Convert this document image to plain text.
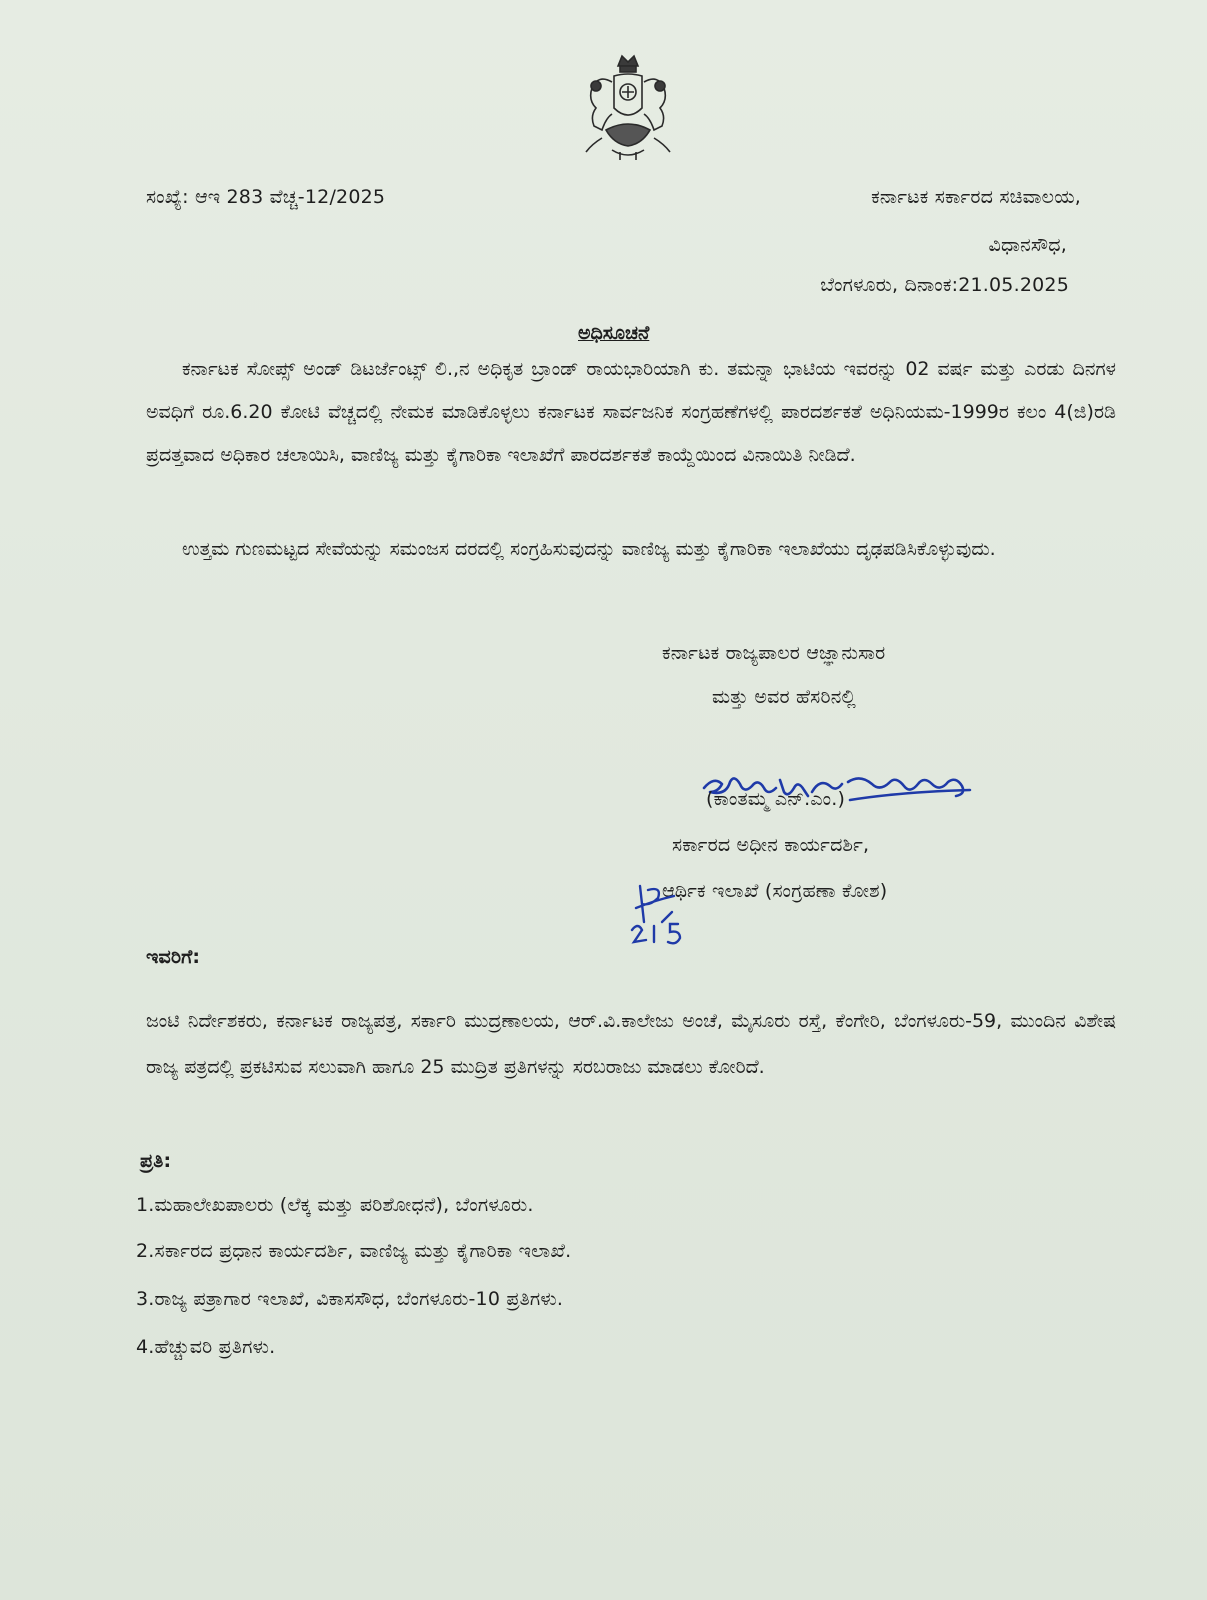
ಸಂಖ್ಯೆ: ಆಇ 283 ವೆಚ್ಚ-12/2025	ಕರ್ನಾಟಕ ಸರ್ಕಾರದ ಸಚಿವಾಲಯ,
ವಿಧಾನಸೌಧ,
ಬೆಂಗಳೂರು, ದಿನಾಂಕ:21.05.2025
ಅಧಿಸೂಚನೆ
ಕರ್ನಾಟಕ ಸೋಪ್ಸ್ ಅಂಡ್ ಡಿಟರ್ಜೆಂಟ್ಸ್ ಲಿ.,ನ ಅಧಿಕೃತ ಬ್ರಾಂಡ್ ರಾಯಭಾರಿಯಾಗಿ ಕು. ತಮನ್ನಾ ಭಾಟಿಯ ಇವರನ್ನು 02 ವರ್ಷ ಮತ್ತು ಎರಡು ದಿನಗಳ ಅವಧಿಗೆ ರೂ.6.20 ಕೋಟಿ ವೆಚ್ಚದಲ್ಲಿ ನೇಮಕ ಮಾಡಿಕೊಳ್ಳಲು ಕರ್ನಾಟಕ ಸಾರ್ವಜನಿಕ ಸಂಗ್ರಹಣೆಗಳಲ್ಲಿ ಪಾರದರ್ಶಕತೆ ಅಧಿನಿಯಮ-1999ರ ಕಲಂ 4(ಜಿ)ರಡಿ ಪ್ರದತ್ತವಾದ ಅಧಿಕಾರ ಚಲಾಯಿಸಿ, ವಾಣಿಜ್ಯ ಮತ್ತು ಕೈಗಾರಿಕಾ ಇಲಾಖೆಗೆ ಪಾರದರ್ಶಕತೆ ಕಾಯ್ದೆಯಿಂದ ವಿನಾಯಿತಿ ನೀಡಿದೆ.
ಉತ್ತಮ ಗುಣಮಟ್ಟದ ಸೇವೆಯನ್ನು ಸಮಂಜಸ ದರದಲ್ಲಿ ಸಂಗ್ರಹಿಸುವುದನ್ನು ವಾಣಿಜ್ಯ ಮತ್ತು ಕೈಗಾರಿಕಾ ಇಲಾಖೆಯು ದೃಢಪಡಿಸಿಕೊಳ್ಳುವುದು.
ಕರ್ನಾಟಕ ರಾಜ್ಯಪಾಲರ ಆಜ್ಞಾನುಸಾರ
ಮತ್ತು ಅವರ ಹೆಸರಿನಲ್ಲಿ
(ಕಾಂತಮ್ಮ ಎನ್.ಎಂ.)
ಸರ್ಕಾರದ ಅಧೀನ ಕಾರ್ಯದರ್ಶಿ,
ಆರ್ಥಿಕ ಇಲಾಖೆ (ಸಂಗ್ರಹಣಾ ಕೋಶ)
ಇವರಿಗೆ:
ಜಂಟಿ ನಿರ್ದೇಶಕರು, ಕರ್ನಾಟಕ ರಾಜ್ಯಪತ್ರ, ಸರ್ಕಾರಿ ಮುದ್ರಣಾಲಯ, ಆರ್.ವಿ.ಕಾಲೇಜು ಅಂಚೆ, ಮೈಸೂರು ರಸ್ತೆ, ಕೆಂಗೇರಿ, ಬೆಂಗಳೂರು-59, ಮುಂದಿನ ವಿಶೇಷ ರಾಜ್ಯ ಪತ್ರದಲ್ಲಿ ಪ್ರಕಟಿಸುವ ಸಲುವಾಗಿ ಹಾಗೂ 25 ಮುದ್ರಿತ ಪ್ರತಿಗಳನ್ನು ಸರಬರಾಜು ಮಾಡಲು ಕೋರಿದೆ.
ಪ್ರತಿ:
1.ಮಹಾಲೇಖಪಾಲರು (ಲೆಕ್ಕ ಮತ್ತು ಪರಿಶೋಧನೆ), ಬೆಂಗಳೂರು.
2.ಸರ್ಕಾರದ ಪ್ರಧಾನ ಕಾರ್ಯದರ್ಶಿ, ವಾಣಿಜ್ಯ ಮತ್ತು ಕೈಗಾರಿಕಾ ಇಲಾಖೆ.
3.ರಾಜ್ಯ ಪತ್ರಾಗಾರ ಇಲಾಖೆ, ವಿಕಾಸಸೌಧ, ಬೆಂಗಳೂರು-10 ಪ್ರತಿಗಳು.
4.ಹೆಚ್ಚುವರಿ ಪ್ರತಿಗಳು.
